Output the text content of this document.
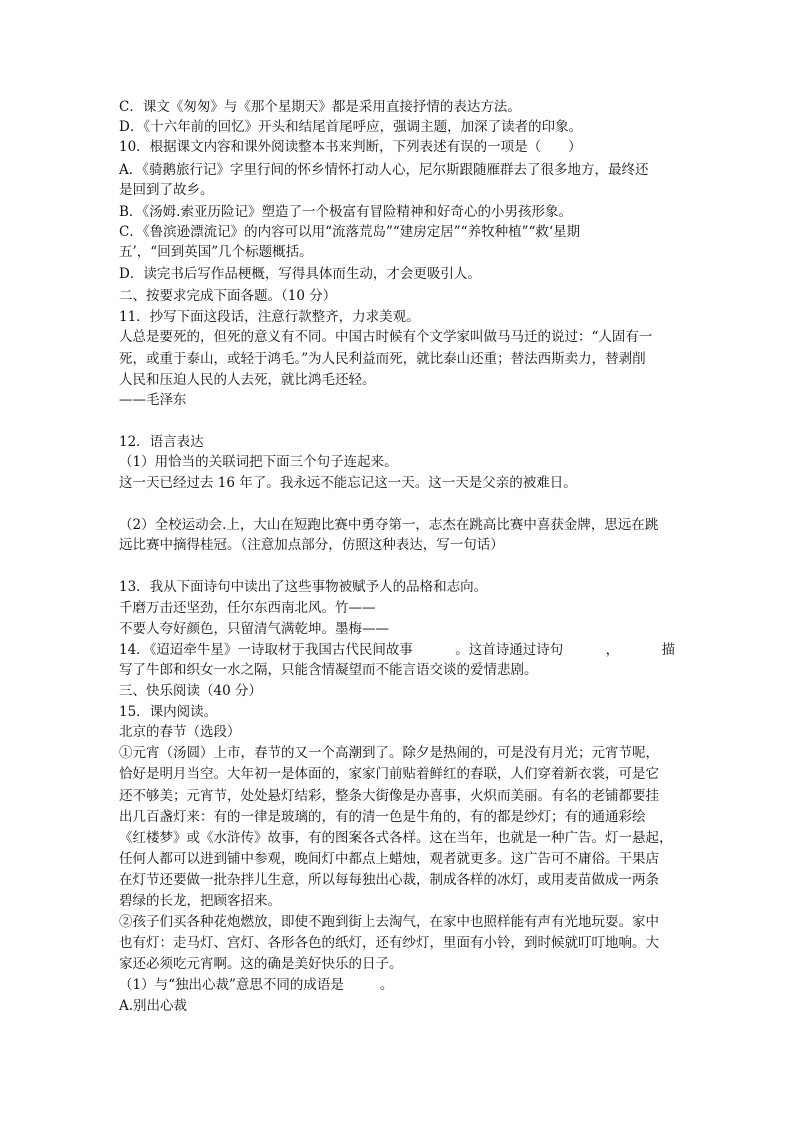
C．课文《匆匆》与《那个星期天》都是采用直接抒情的表达方法。
D．《十六年前的回忆》开头和结尾首尾呼应，强调主题，加深了读者的印象。
10．根据课文内容和课外阅读整本书来判断，下列表述有误的一项是（　　）
A．《骑鹅旅行记》字里行间的怀乡情怀打动人心，尼尔斯跟随雁群去了很多地方，最终还
是回到了故乡。
B．《汤姆.索亚历险记》塑造了一个极富有冒险精神和好奇心的小男孩形象。
C．《鲁滨逊漂流记》的内容可以用“流落荒岛”“建房定居”“养牧种植”“救‘星期
五’，“回到英国”几个标题概括。
D．读完书后写作品梗概，写得具体而生动，才会更吸引人。
二、按要求完成下面各题。（10 分）
11．抄写下面这段话，注意行款整齐，力求美观。
人总是要死的，但死的意义有不同。中国古时候有个文学家叫做马马迁的说过：“人固有一
死，或重于泰山，或轻于鸿毛。”为人民利益而死，就比泰山还重；替法西斯卖力，替剥削
人民和压迫人民的人去死，就比鸿毛还轻。
——毛泽东
12．语言表达
（1）用恰当的关联词把下面三个句子连起来。
这一天已经过去 16 年了。我永远不能忘记这一天。这一天是父亲的被难日。
（2）全校运动会.上，大山在短跑比赛中勇夺第一，志杰在跳高比赛中喜获金牌，思远在跳
远比赛中摘得桂冠。（注意加点部分，仿照这种表达，写一句话）
13．我从下面诗句中读出了这些事物被赋予人的品格和志向。
千磨万击还坚劲，任尔东西南北风。竹——
不要人夸好颜色，只留清气满乾坤。墨梅——
14．《迢迢牵牛星》一诗取材于我国古代民间故事	。这首诗通过诗句	，	描
写了牛郎和织女一水之隔，只能含情凝望而不能言语交谈的爱情悲剧。
三、快乐阅读（40 分）
15．课内阅读。
北京的春节（选段）
①元宵（汤圆）上市，春节的又一个高潮到了。除夕是热闹的，可是没有月光；元宵节呢，
恰好是明月当空。大年初一是体面的，家家门前贴着鲜红的春联，人们穿着新衣裳，可是它
还不够美；元宵节，处处悬灯结彩，整条大街像是办喜事，火炽而美丽。有名的老铺都要挂
出几百盏灯来：有的一律是玻璃的，有的清一色是牛角的，有的都是纱灯；有的通通彩绘
《红楼梦》或《水浒传》故事，有的图案各式各样。这在当年，也就是一种广告。灯一悬起，
任何人都可以进到铺中参观，晚间灯中都点上蜡烛，观者就更多。这广告可不庸俗。干果店
在灯节还要做一批杂拌儿生意，所以每每独出心裁，制成各样的冰灯，或用麦苗做成一两条
碧绿的长龙，把顾客招来。
②孩子们买各种花炮燃放，即使不跑到街上去淘气，在家中也照样能有声有光地玩耍。家中
也有灯：走马灯、宫灯、各形各色的纸灯，还有纱灯，里面有小铃，到时候就叮叮地响。大
家还必须吃元宵啊。这的确是美好快乐的日子。
（1）与“独出心裁”意思不同的成语是	。
A.别出心裁
